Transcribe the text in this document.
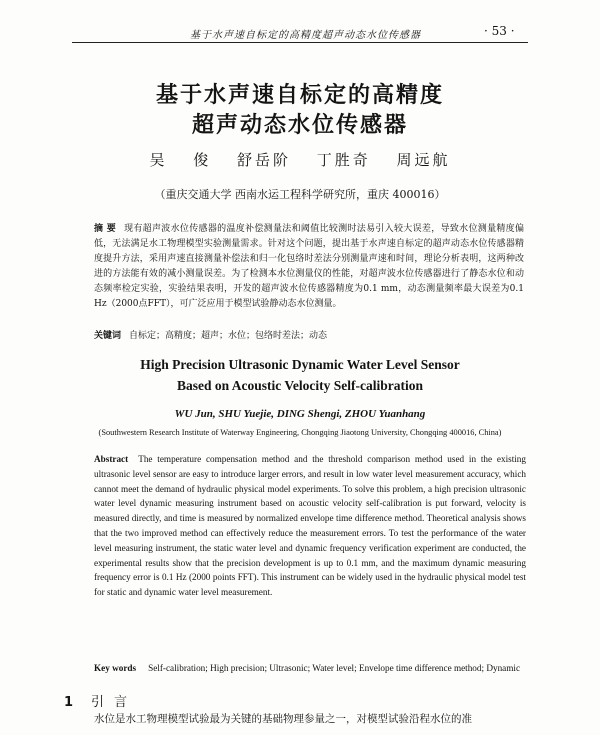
基于水声速自标定的高精度超声动态水位传感器	· 53 ·
基于水声速自标定的高精度
超声动态水位传感器
吴 俊 舒岳阶 丁胜奇 周远航
（重庆交通大学 西南水运工程科学研究所，重庆 400016）
摘 要 现有超声波水位传感器的温度补偿测量法和阈值比较测时法易引入较大误差，导致水位测量精度偏低，无法满足水工物理模型实验测量需求。针对这个问题，提出基于水声速自标定的超声动态水位传感器精度提升方法，采用声速直接测量补偿法和归一化包络时差法分别测量声速和时间，理论分析表明，这两种改进的方法能有效的减小测量误差。为了检测本水位测量仪的性能，对超声波水位传感器进行了静态水位和动态频率检定实验，实验结果表明，开发的超声波水位传感器精度为0.1 mm，动态测量频率最大误差为0.1 Hz（2000点FFT），可广泛应用于模型试验静动态水位测量。
关键词 自标定；高精度；超声；水位；包络时差法；动态
High Precision Ultrasonic Dynamic Water Level Sensor
Based on Acoustic Velocity Self-calibration
WU Jun, SHU Yuejie, DING Shengi, ZHOU Yuanhang
(Southwestern Research Institute of Waterway Engineering, Chongqing Jiaotong University, Chongqing 400016, China)
Abstract The temperature compensation method and the threshold comparison method used in the existing ultrasonic level sensor are easy to introduce larger errors, and result in low water level measurement accuracy, which cannot meet the demand of hydraulic physical model experiments. To solve this problem, a high precision ultrasonic water level dynamic measuring instrument based on acoustic velocity self-calibration is put forward, velocity is measured directly, and time is measured by normalized envelope time difference method. Theoretical analysis shows that the two improved method can effectively reduce the measurement errors. To test the performance of the water level measuring instrument, the static water level and dynamic frequency verification experiment are conducted, the experimental results show that the precision development is up to 0.1 mm, and the maximum dynamic measuring frequency error is 0.1 Hz (2000 points FFT). This instrument can be widely used in the hydraulic physical model test for static and dynamic water level measurement.
Key words Self-calibration; High precision; Ultrasonic; Water level; Envelope time difference method; Dynamic
1 引言
水位是水工物理模型试验最为关键的基础物理参量之一，对模型试验沿程水位的准
